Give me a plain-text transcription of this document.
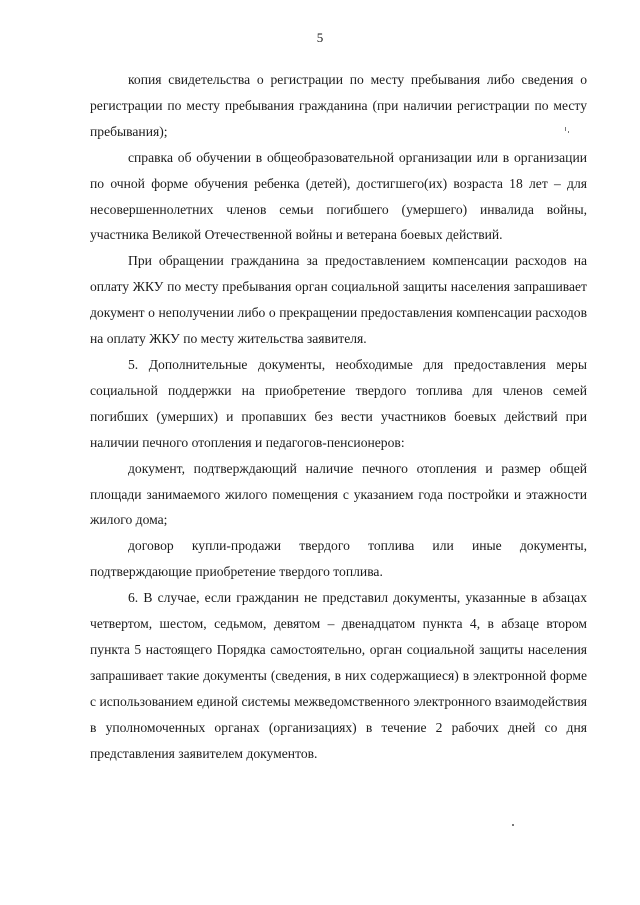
5

копия свидетельства о регистрации по месту пребывания либо сведения о регистрации по месту пребывания гражданина (при наличии регистрации по месту пребывания);

справка об обучении в общеобразовательной организации или в организации по очной форме обучения ребенка (детей), достигшего(их) возраста 18 лет – для несовершеннолетних членов семьи погибшего (умершего) инвалида войны, участника Великой Отечественной войны и ветерана боевых действий.

При обращении гражданина за предоставлением компенсации расходов на оплату ЖКУ по месту пребывания орган социальной защиты населения запрашивает документ о неполучении либо о прекращении предоставления компенсации расходов на оплату ЖКУ по месту жительства заявителя.

5. Дополнительные документы, необходимые для предоставления меры социальной поддержки на приобретение твердого топлива для членов семей погибших (умерших) и пропавших без вести участников боевых действий при наличии печного отопления и педагогов-пенсионеров:

документ, подтверждающий наличие печного отопления и размер общей площади занимаемого жилого помещения с указанием года постройки и этажности жилого дома;

договор купли-продажи твердого топлива или иные документы, подтверждающие приобретение твердого топлива.

6. В случае, если гражданин не представил документы, указанные в абзацах четвертом, шестом, седьмом, девятом – двенадцатом пункта 4, в абзаце втором пункта 5 настоящего Порядка самостоятельно, орган социальной защиты населения запрашивает такие документы (сведения, в них содержащиеся) в электронной форме с использованием единой системы межведомственного электронного взаимодействия в уполномоченных органах (организациях) в течение 2 рабочих дней со дня представления заявителем документов.
